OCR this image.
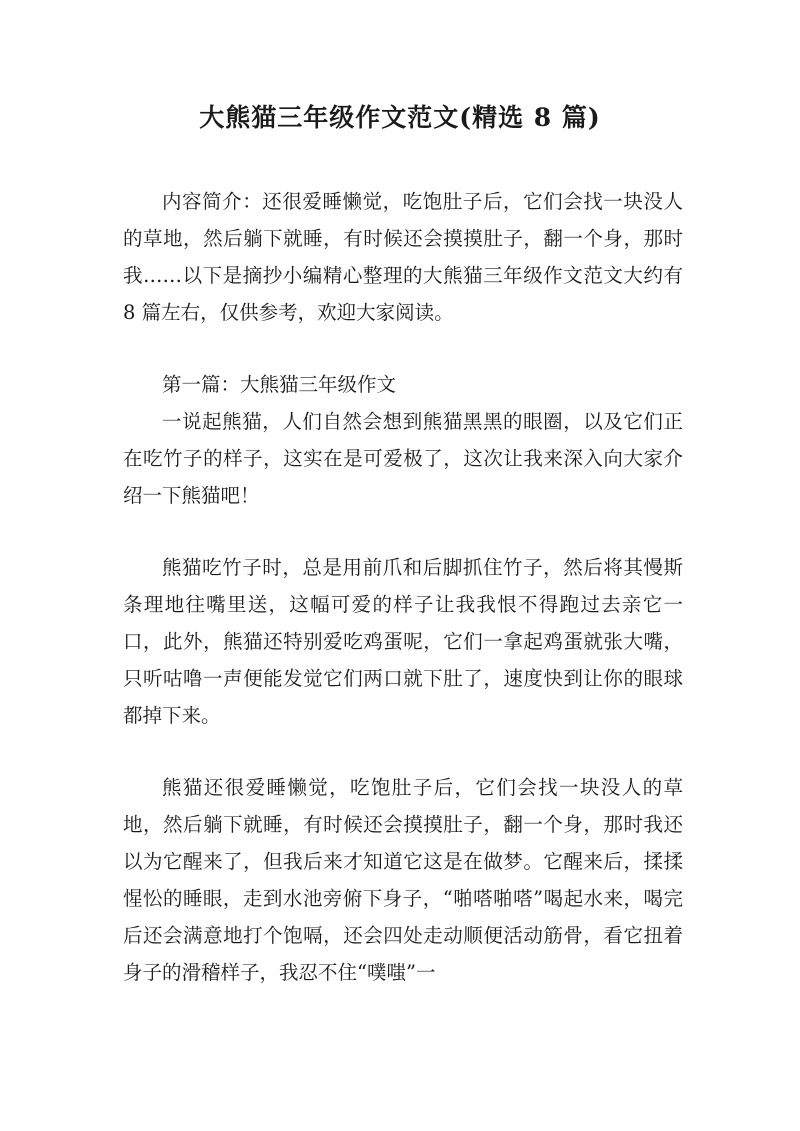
大熊猫三年级作文范文(精选 8 篇)

内容简介：还很爱睡懒觉，吃饱肚子后，它们会找一块没人的草地，然后躺下就睡，有时候还会摸摸肚子，翻一个身，那时我……以下是摘抄小编精心整理的大熊猫三年级作文范文大约有 8 篇左右，仅供参考，欢迎大家阅读。

第一篇：大熊猫三年级作文

一说起熊猫，人们自然会想到熊猫黑黑的眼圈，以及它们正在吃竹子的样子，这实在是可爱极了，这次让我来深入向大家介绍一下熊猫吧！

熊猫吃竹子时，总是用前爪和后脚抓住竹子，然后将其慢斯条理地往嘴里送，这幅可爱的样子让我我恨不得跑过去亲它一口，此外，熊猫还特别爱吃鸡蛋呢，它们一拿起鸡蛋就张大嘴，只听咕噜一声便能发觉它们两口就下肚了，速度快到让你的眼球都掉下来。

熊猫还很爱睡懒觉，吃饱肚子后，它们会找一块没人的草地，然后躺下就睡，有时候还会摸摸肚子，翻一个身，那时我还以为它醒来了，但我后来才知道它这是在做梦。它醒来后，揉揉惺忪的睡眼，走到水池旁俯下身子，“啪嗒啪嗒”喝起水来，喝完后还会满意地打个饱嗝，还会四处走动顺便活动筋骨，看它扭着身子的滑稽样子，我忍不住“噗嗤”一
